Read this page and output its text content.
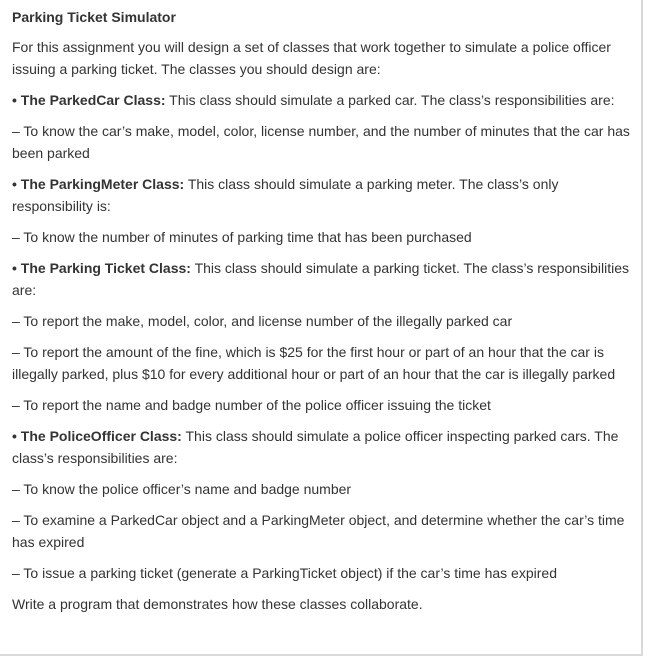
Parking Ticket Simulator

For this assignment you will design a set of classes that work together to simulate a police officer issuing a parking ticket. The classes you should design are:

• The ParkedCar Class: This class should simulate a parked car. The class’s responsibilities are:

– To know the car’s make, model, color, license number, and the number of minutes that the car has been parked

• The ParkingMeter Class: This class should simulate a parking meter. The class’s only responsibility is:

– To know the number of minutes of parking time that has been purchased

• The Parking Ticket Class: This class should simulate a parking ticket. The class’s responsibilities are:

– To report the make, model, color, and license number of the illegally parked car

– To report the amount of the fine, which is $25 for the first hour or part of an hour that the car is illegally parked, plus $10 for every additional hour or part of an hour that the car is illegally parked

– To report the name and badge number of the police officer issuing the ticket

• The PoliceOfficer Class: This class should simulate a police officer inspecting parked cars. The class’s responsibilities are:

– To know the police officer’s name and badge number

– To examine a ParkedCar object and a ParkingMeter object, and determine whether the car’s time has expired

– To issue a parking ticket (generate a ParkingTicket object) if the car’s time has expired

Write a program that demonstrates how these classes collaborate.
